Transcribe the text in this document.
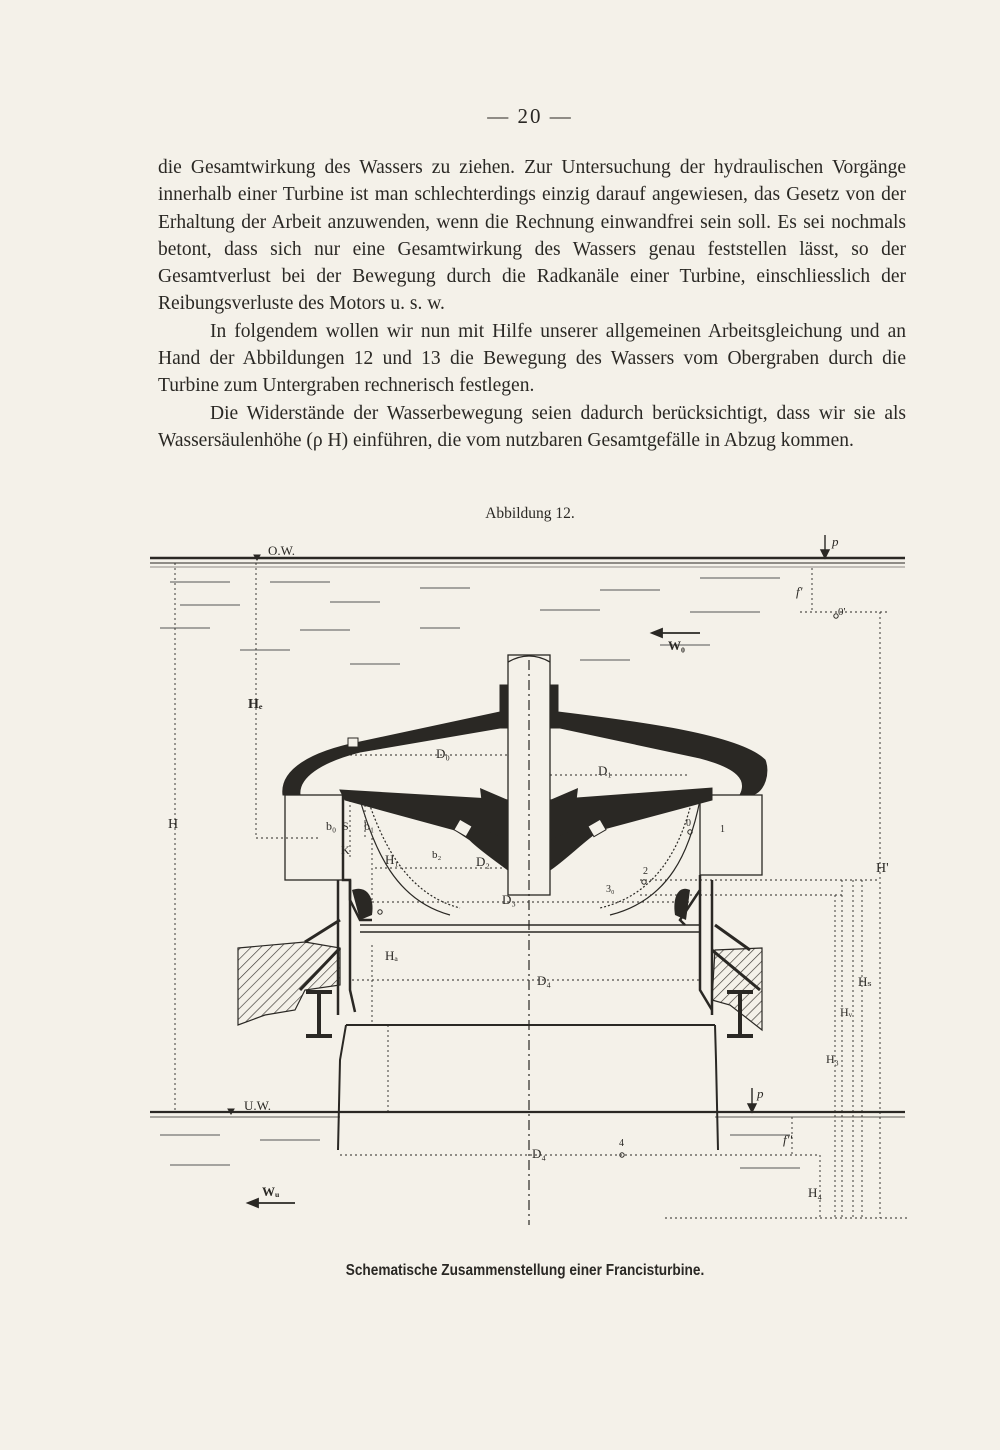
— 20 —

die Gesamtwirkung des Wassers zu ziehen. Zur Untersuchung der hydraulischen Vorgänge innerhalb einer Turbine ist man schlechterdings einzig darauf angewiesen, das Gesetz von der Erhaltung der Arbeit anzuwenden, wenn die Rechnung einwandfrei sein soll. Es sei nochmals betont, dass sich nur eine Gesamtwirkung des Wassers genau feststellen lässt, so der Gesamtverlust bei der Bewegung durch die Radkanäle einer Turbine, einschliesslich der Reibungsverluste des Motors u. s. w.

In folgendem wollen wir nun mit Hilfe unserer allgemeinen Arbeitsgleichung und an Hand der Abbildungen 12 und 13 die Bewegung des Wassers vom Obergraben durch die Turbine zum Untergraben rechnerisch festlegen.

Die Widerstände der Wasserbewegung seien dadurch berücksichtigt, dass wir sie als Wassersäulenhöhe (ρ H) einführen, die vom nutzbaren Gesamtgefälle in Abzug kommen.

Abbildung 12.
O.W.
U.W.
p
p
W₀
Wᵤ
Hₑ
H
f'
0'
f''
H'
Hₛ
Hᵥ
H₃
H₄
D₀
D₁
D₂
D₃
D₄
D₄
b₀ S b₁
K
H₁	b₂
Hₐ
0
1
2
3₀
4
Schematische Zusammenstellung einer Francisturbine.
